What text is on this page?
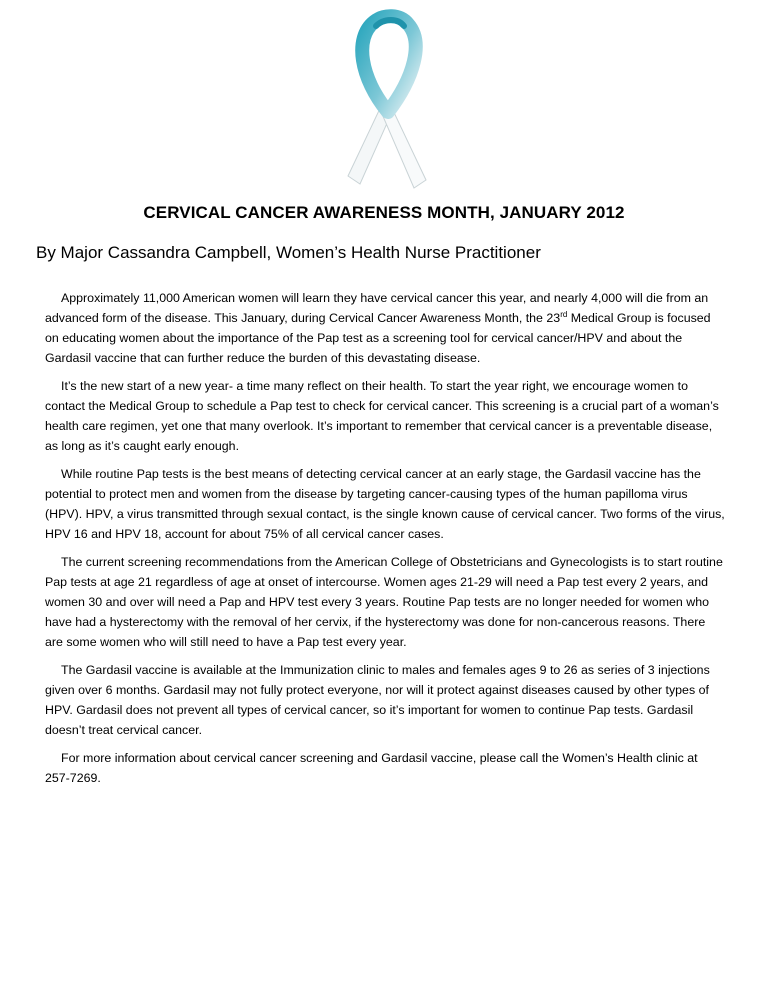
CERVICAL CANCER AWARENESS MONTH, JANUARY 2012
By Major Cassandra Campbell, Women’s Health Nurse Practitioner

Approximately 11,000 American women will learn they have cervical cancer this year, and nearly 4,000 will die from an advanced form of the disease. This January, during Cervical Cancer Awareness Month, the 23rd Medical Group is focused on educating women about the importance of the Pap test as a screening tool for cervical cancer/HPV and about the Gardasil vaccine that can further reduce the burden of this devastating disease.

It’s the new start of a new year- a time many reflect on their health. To start the year right, we encourage women to contact the Medical Group to schedule a Pap test to check for cervical cancer. This screening is a crucial part of a woman’s health care regimen, yet one that many overlook. It’s important to remember that cervical cancer is a preventable disease, as long as it’s caught early enough.

While routine Pap tests is the best means of detecting cervical cancer at an early stage, the Gardasil vaccine has the potential to protect men and women from the disease by targeting cancer-causing types of the human papilloma virus (HPV). HPV, a virus transmitted through sexual contact, is the single known cause of cervical cancer. Two forms of the virus, HPV 16 and HPV 18, account for about 75% of all cervical cancer cases.

The current screening recommendations from the American College of Obstetricians and Gynecologists is to start routine Pap tests at age 21 regardless of age at onset of intercourse. Women ages 21-29 will need a Pap test every 2 years, and women 30 and over will need a Pap and HPV test every 3 years. Routine Pap tests are no longer needed for women who have had a hysterectomy with the removal of her cervix, if the hysterectomy was done for non-cancerous reasons. There are some women who will still need to have a Pap test every year.

The Gardasil vaccine is available at the Immunization clinic to males and females ages 9 to 26 as series of 3 injections given over 6 months. Gardasil may not fully protect everyone, nor will it protect against diseases caused by other types of HPV. Gardasil does not prevent all types of cervical cancer, so it’s important for women to continue Pap tests. Gardasil doesn’t treat cervical cancer.

For more information about cervical cancer screening and Gardasil vaccine, please call the Women’s Health clinic at 257-7269.
